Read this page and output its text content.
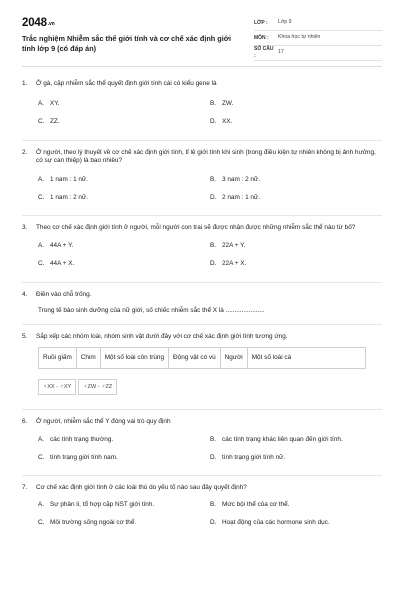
$2048^{.vn}$
Trắc nghiệm Nhiễm sắc thể giới tính và cơ chế xác định giới tính lớp 9 (có đáp án)
LỚP :	Lớp 9
MÔN :	Khoa học tự nhiên
SỐ CÂU :
17
1.	Ở gà, cặp nhiễm sắc thể quyết định giới tính cái có kiểu gene là
A. XY.	B. ZW.
C. ZZ.	D. XX.
2.	Ở người, theo lý thuyết về cơ chế xác định giới tính, tỉ lệ giới tính khi sinh (trong điều kiện tự nhiên không bị ảnh hưởng, có sự can thiệp) là bao nhiêu?
A. 1 nam : 1 nữ.	B. 3 nam : 2 nữ.
C. 1 nam : 2 nữ.	D. 2 nam : 1 nữ.
3.	Theo cơ chế xác định giới tính ở người, mỗi người con trai sẽ được nhận được những nhiễm sắc thể nào từ bố?
A. 44A + Y.	B. 22A + Y.
C. 44A + X.	D. 22A + X.
4.	Điền vào chỗ trống.
Trong tế bào sinh dưỡng của nữ giới, số chiếc nhiễm sắc thể X là ......................
5.	Sắp xếp các nhóm loài, nhóm sinh vật dưới đây với cơ chế xác định giới tính tương ứng.
Ruồi giấm	Chim	Một số loài côn trùng	Động vật có vú	Người	Một số loài cá
♀XX - ♂XY	♀ZW - ♂ZZ
6.	Ở người, nhiễm sắc thể Y đóng vai trò quy định
A. các tính trạng thường.	B. các tính trạng khác liên quan đến giới tính.
C. tính trạng giới tính nam.	D. tính trạng giới tính nữ.
7.	Cơ chế xác định giới tính ở các loài thú do yếu tố nào sau đây quyết định?
A. Sự phân li, tổ hợp cặp NST giới tính.	B. Mức bội thể của cơ thể.
C. Môi trường sống ngoài cơ thể.	D. Hoạt động của các hormone sinh dục.
